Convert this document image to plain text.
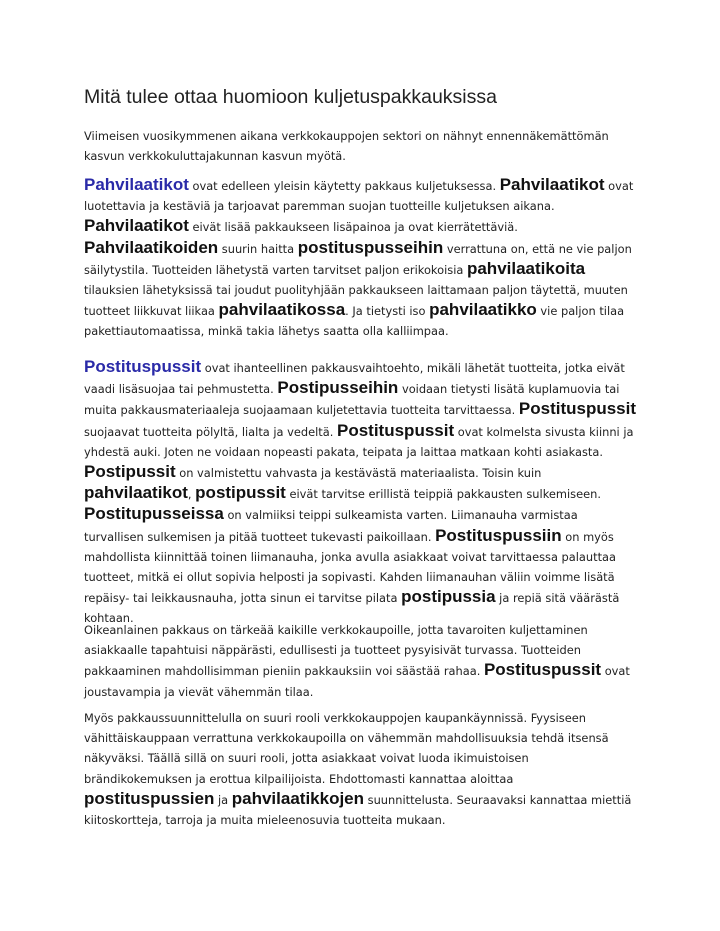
Mitä tulee ottaa huomioon kuljetuspakkauksissa

Viimeisen vuosikymmenen aikana verkkokauppojen sektori on nähnyt ennennäkemättömän kasvun verkkokuluttajakunnan kasvun myötä.

Pahvilaatikot ovat edelleen yleisin käytetty pakkaus kuljetuksessa. Pahvilaatikot ovat luotettavia ja kestäviä ja tarjoavat paremman suojan tuotteille kuljetuksen aikana. Pahvilaatikot eivät lisää pakkaukseen lisäpainoa ja ovat kierrätettäviä. Pahvilaatikoiden suurin haitta postituspusseihin verrattuna on, että ne vie paljon säilytystila. Tuotteiden lähetystä varten tarvitset paljon erikokoisia pahvilaatikoita tilauksien lähetyksissä tai joudut puolityhjään pakkaukseen laittamaan paljon täytettä, muuten tuotteet liikkuvat liikaa pahvilaatikossa. Ja tietysti iso pahvilaatikko vie paljon tilaa pakettiautomaatissa, minkä takia lähetys saatta olla kalliimpaa.

Postituspussit ovat ihanteellinen pakkausvaihtoehto, mikäli lähetät tuotteita, jotka eivät vaadi lisäsuojaa tai pehmustetta. Postipusseihin voidaan tietysti lisätä kuplamuovia tai muita pakkausmateriaaleja suojaamaan kuljetettavia tuotteita tarvittaessa. Postituspussit suojaavat tuotteita pölyltä, lialta ja vedeltä. Postituspussit ovat kolmelsta sivusta kiinni ja yhdestä auki. Joten ne voidaan nopeasti pakata, teipata ja laittaa matkaan kohti asiakasta. Postipussit on valmistettu vahvasta ja kestävästä materiaalista. Toisin kuin pahvilaatikot, postipussit eivät tarvitse erillistä teippiä pakkausten sulkemiseen. Postitupusseissa on valmiiksi teippi sulkeamista varten. Liimanauha varmistaa turvallisen sulkemisen ja pitää tuotteet tukevasti paikoillaan. Postituspussiin on myös mahdollista kiinnittää toinen liimanauha, jonka avulla asiakkaat voivat tarvittaessa palauttaa tuotteet, mitkä ei ollut sopivia helposti ja sopivasti. Kahden liimanauhan väliin voimme lisätä repäisy- tai leikkausnauha, jotta sinun ei tarvitse pilata postipussia ja repiä sitä väärästä kohtaan.

Oikeanlainen pakkaus on tärkeää kaikille verkkokaupoille, jotta tavaroiten kuljettaminen asiakkaalle tapahtuisi näppärästi, edullisesti ja tuotteet pysyisivät turvassa. Tuotteiden pakkaaminen mahdollisimman pieniin pakkauksiin voi säästää rahaa. Postituspussit ovat joustavampia ja vievät vähemmän tilaa.

Myös pakkaussuunnittelulla on suuri rooli verkkokauppojen kaupankäynnissä. Fyysiseen vähittäiskauppaan verrattuna verkkokaupoilla on vähemmän mahdollisuuksia tehdä itsensä näkyväksi. Täällä sillä on suuri rooli, jotta asiakkaat voivat luoda ikimuistoisen brändikokemuksen ja erottua kilpailijoista. Ehdottomasti kannattaa aloittaa postituspussien ja pahvilaatikkojen suunnittelusta. Seuraavaksi kannattaa miettiä kiitoskortteja, tarroja ja muita mieleenosuvia tuotteita mukaan.
